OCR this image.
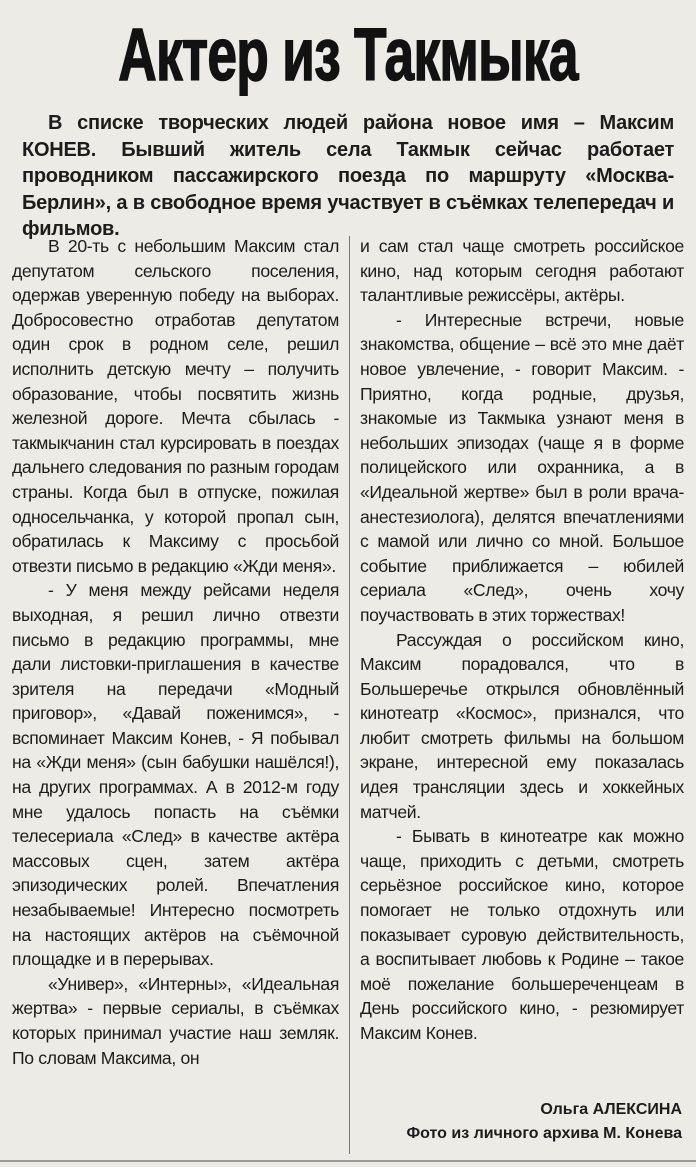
Актер из Такмыка
В списке творческих людей района новое имя – Максим КОНЕВ. Бывший житель села Такмык сейчас работает проводником пассажирского поезда по маршруту «Москва-Берлин», а в свободное время участвует в съёмках телепередач и фильмов.

В 20-ть с небольшим Максим стал депутатом сельского поселения, одержав уверенную победу на выборах. Добросовестно отработав депутатом один срок в родном селе, решил исполнить детскую мечту – получить образование, чтобы посвятить жизнь железной дороге. Мечта сбылась - такмыкчанин стал курсировать в поездах дальнего следования по разным городам страны. Когда был в отпуске, пожилая односельчанка, у которой пропал сын, обратилась к Максиму с просьбой отвезти письмо в редакцию «Жди меня».

- У меня между рейсами неделя выходная, я решил лично отвезти письмо в редакцию программы, мне дали листовки-приглашения в качестве зрителя на передачи «Модный приговор», «Давай поженимся», - вспоминает Максим Конев, - Я побывал на «Жди меня» (сын бабушки нашёлся!), на других программах. А в 2012-м году мне удалось попасть на съёмки телесериала «След» в качестве актёра массовых сцен, затем актёра эпизодических ролей. Впечатления незабываемые! Интересно посмотреть на настоящих актёров на съёмочной площадке и в перерывах.

«Универ», «Интерны», «Идеальная жертва» - первые сериалы, в съёмках которых принимал участие наш земляк. По словам Максима, он

и сам стал чаще смотреть российское кино, над которым сегодня работают талантливые режиссёры, актёры.

- Интересные встречи, новые знакомства, общение – всё это мне даёт новое увлечение, - говорит Максим. - Приятно, когда родные, друзья, знакомые из Такмыка узнают меня в небольших эпизодах (чаще я в форме полицейского или охранника, а в «Идеальной жертве» был в роли врача-анестезиолога), делятся впечатлениями с мамой или лично со мной. Большое событие приближается – юбилей сериала «След», очень хочу поучаствовать в этих торжествах!

Рассуждая о российском кино, Максим порадовался, что в Большеречье открылся обновлённый кинотеатр «Космос», признался, что любит смотреть фильмы на большом экране, интересной ему показалась идея трансляции здесь и хоккейных матчей.

- Бывать в кинотеатре как можно чаще, приходить с детьми, смотреть серьёзное российское кино, которое помогает не только отдохнуть или показывает суровую действительность, а воспитывает любовь к Родине – такое моё пожелание большереченцеам в День российского кино, - резюмирует Максим Конев.

Ольга АЛЕКСИНА
Фото из личного архива М. Конева
